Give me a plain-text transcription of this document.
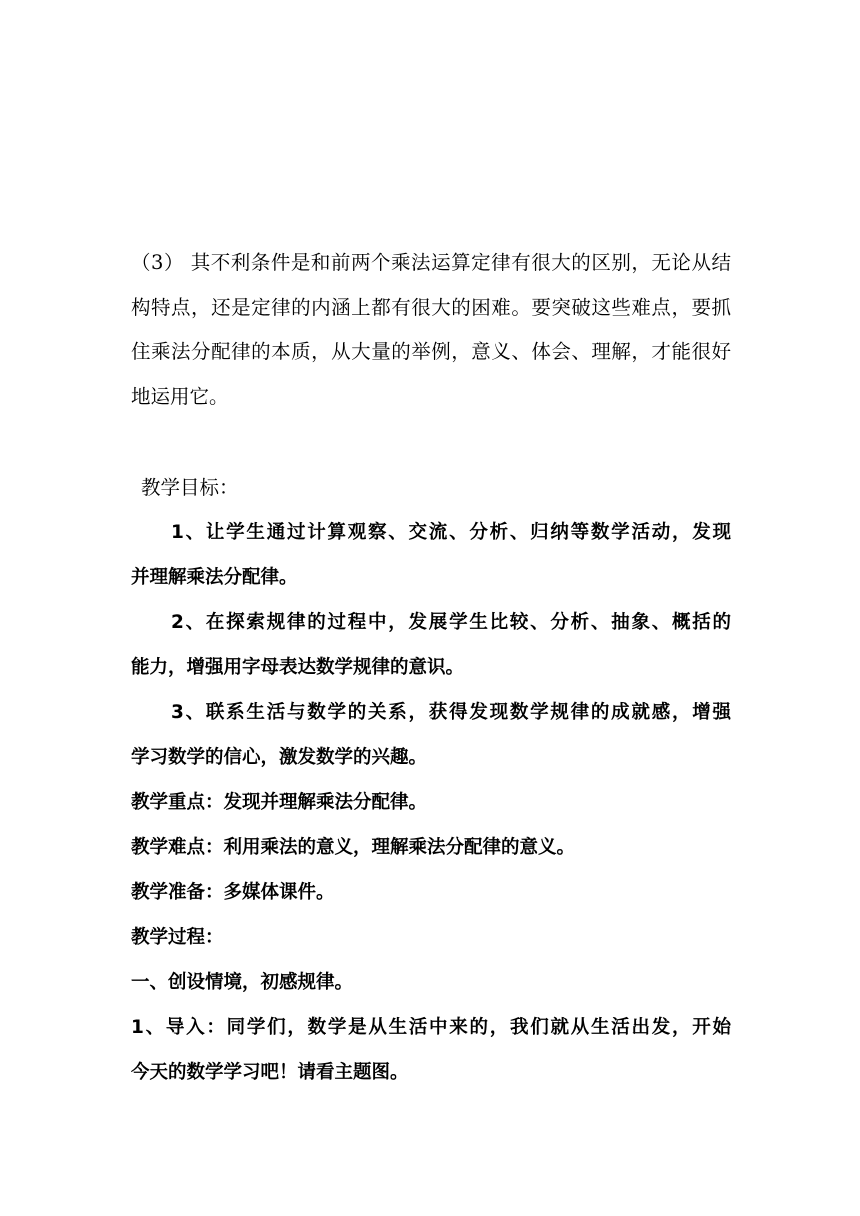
（3） 其不利条件是和前两个乘法运算定律有很大的区别，无论从结
构特点，还是定律的内涵上都有很大的困难。要突破这些难点，要抓
住乘法分配律的本质，从大量的举例，意义、体会、理解，才能很好
地运用它。
教学目标：
1、让学生通过计算观察、交流、分析、归纳等数学活动，发现
并理解乘法分配律。
2、在探索规律的过程中，发展学生比较、分析、抽象、概括的
能力，增强用字母表达数学规律的意识。
3、联系生活与数学的关系，获得发现数学规律的成就感，增强
学习数学的信心，激发数学的兴趣。
教学重点：发现并理解乘法分配律。
教学难点：利用乘法的意义，理解乘法分配律的意义。
教学准备：多媒体课件。
教学过程：
一、创设情境，初感规律。
1、导入：同学们，数学是从生活中来的，我们就从生活出发，开始
今天的数学学习吧！请看主题图。
